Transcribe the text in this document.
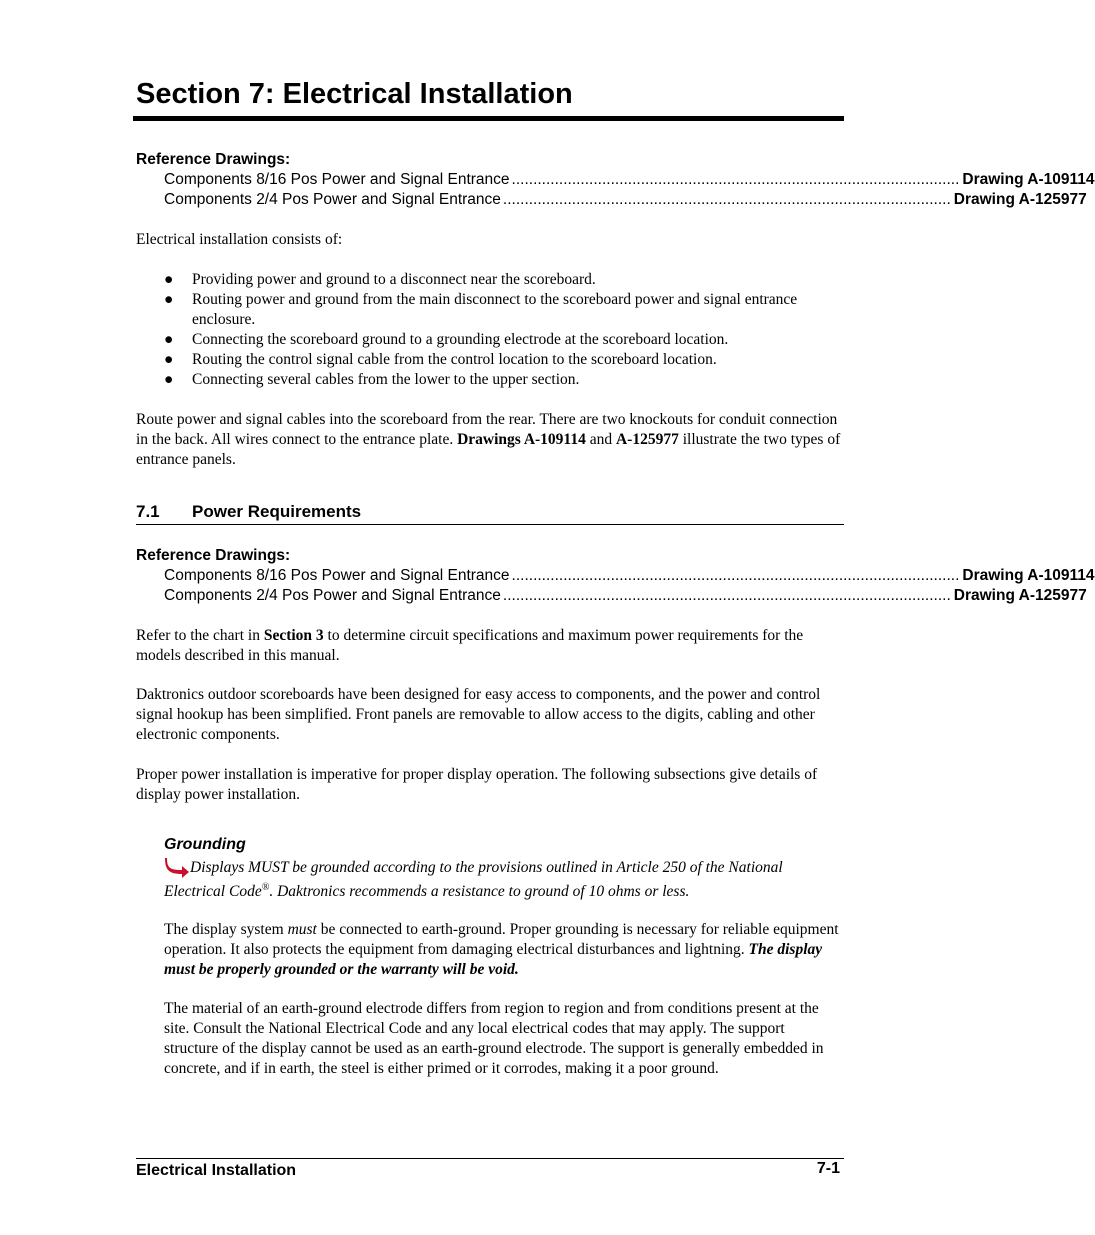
Section 7: Electrical Installation
Reference Drawings:
Components 8/16 Pos Power and Signal Entrance ........................................................................................................ Drawing A-109114
Components 2/4 Pos Power and Signal Entrance ........................................................................................................ Drawing A-125977

Electrical installation consists of:

● Providing power and ground to a disconnect near the scoreboard.
● Routing power and ground from the main disconnect to the scoreboard power and signal entrance enclosure.
● Connecting the scoreboard ground to a grounding electrode at the scoreboard location.
● Routing the control signal cable from the control location to the scoreboard location.
● Connecting several cables from the lower to the upper section.

Route power and signal cables into the scoreboard from the rear. There are two knockouts for conduit connection in the back. All wires connect to the entrance plate. Drawings A-109114 and A-125977 illustrate the two types of entrance panels.

7.1 Power Requirements
Reference Drawings:
Components 8/16 Pos Power and Signal Entrance ........................................................................................................ Drawing A-109114
Components 2/4 Pos Power and Signal Entrance ........................................................................................................ Drawing A-125977

Refer to the chart in Section 3 to determine circuit specifications and maximum power requirements for the models described in this manual.

Daktronics outdoor scoreboards have been designed for easy access to components, and the power and control signal hookup has been simplified. Front panels are removable to allow access to the digits, cabling and other electronic components.

Proper power installation is imperative for proper display operation. The following subsections give details of display power installation.

Grounding

Displays MUST be grounded according to the provisions outlined in Article 250 of the National Electrical Code®. Daktronics recommends a resistance to ground of 10 ohms or less.

The display system must be connected to earth-ground. Proper grounding is necessary for reliable equipment operation. It also protects the equipment from damaging electrical disturbances and lightning. The display must be properly grounded or the warranty will be void.

The material of an earth-ground electrode differs from region to region and from conditions present at the site. Consult the National Electrical Code and any local electrical codes that may apply. The support structure of the display cannot be used as an earth-ground electrode. The support is generally embedded in concrete, and if in earth, the steel is either primed or it corrodes, making it a poor ground.

Electrical Installation	7-1
